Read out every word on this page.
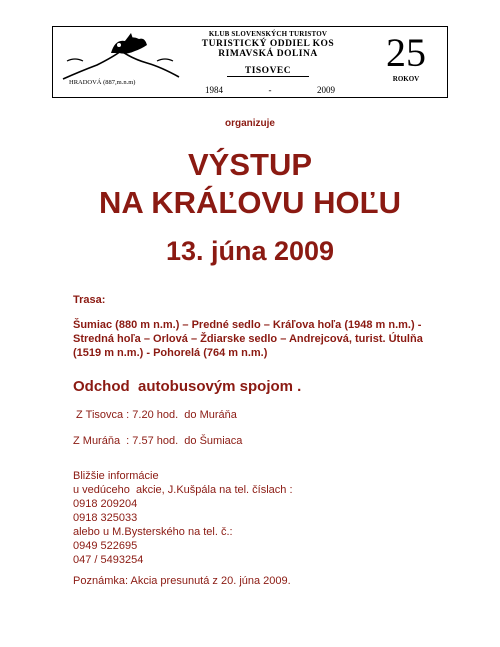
HRADOVÁ (887,m.n.m)
KLUB SLOVENSKÝCH TURISTOV
TURISTICKÝ ODDIEL KOS
RIMAVSKÁ DOLINA
TISOVEC
1984	-	2009
25
ROKOV
organizuje
VÝSTUP
NA KRÁĽOVU HOĽU
13. júna 2009
Trasa:
Šumiac (880 m n.m.) – Predné sedlo – Kráľova hoľa (1948 m n.m.) -
Stredná hoľa – Orlová – Ždiarske sedlo – Andrejcová, turist. Útulňa
(1519 m n.m.) - Pohorelá (764 m n.m.)
Odchod  autobusovým spojom .
Z Tisovca : 7.20 hod.  do Muráňa
Z Muráňa  : 7.57 hod.  do Šumiaca
Bližšie informácie
u vedúceho  akcie, J.Kušpála na tel. číslach :
0918 209204
0918 325033
alebo u M.Bysterského na tel. č.:
0949 522695
047 / 5493254
Poznámka: Akcia presunutá z 20. júna 2009.
